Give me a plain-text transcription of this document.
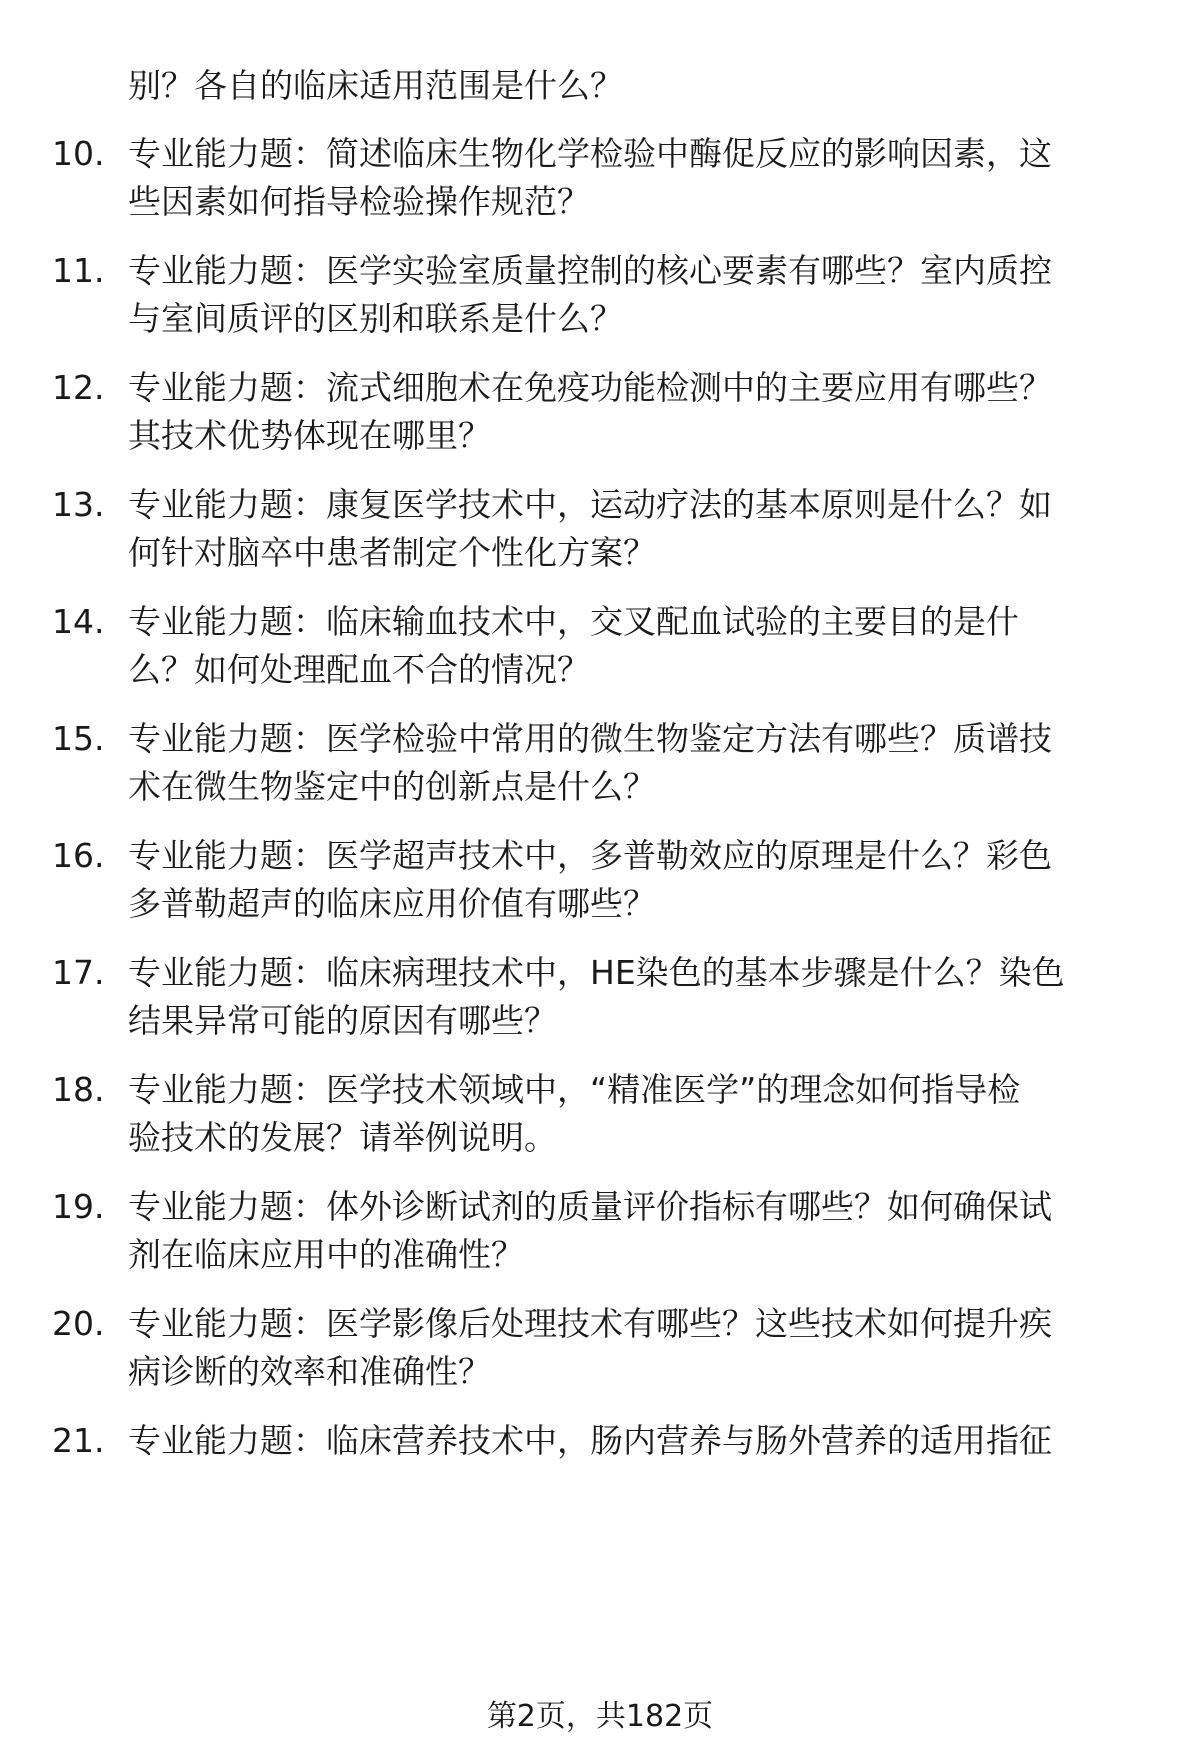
别？各自的临床适用范围是什么？
10. 专业能力题：简述临床生物化学检验中酶促反应的影响因素，这
些因素如何指导检验操作规范？
11. 专业能力题：医学实验室质量控制的核心要素有哪些？室内质控
与室间质评的区别和联系是什么？
12. 专业能力题：流式细胞术在免疫功能检测中的主要应用有哪些？
其技术优势体现在哪里？
13. 专业能力题：康复医学技术中，运动疗法的基本原则是什么？如
何针对脑卒中患者制定个性化方案？
14. 专业能力题：临床输血技术中，交叉配血试验的主要目的是什
么？如何处理配血不合的情况？
15. 专业能力题：医学检验中常用的微生物鉴定方法有哪些？质谱技
术在微生物鉴定中的创新点是什么？
16. 专业能力题：医学超声技术中，多普勒效应的原理是什么？彩色
多普勒超声的临床应用价值有哪些？
17. 专业能力题：临床病理技术中，HE染色的基本步骤是什么？染色
结果异常可能的原因有哪些？
18. 专业能力题：医学技术领域中，“精准医学”的理念如何指导检
验技术的发展？请举例说明。
19. 专业能力题：体外诊断试剂的质量评价指标有哪些？如何确保试
剂在临床应用中的准确性？
20. 专业能力题：医学影像后处理技术有哪些？这些技术如何提升疾
病诊断的效率和准确性？
21. 专业能力题：临床营养技术中，肠内营养与肠外营养的适用指征
第2页，共182页
